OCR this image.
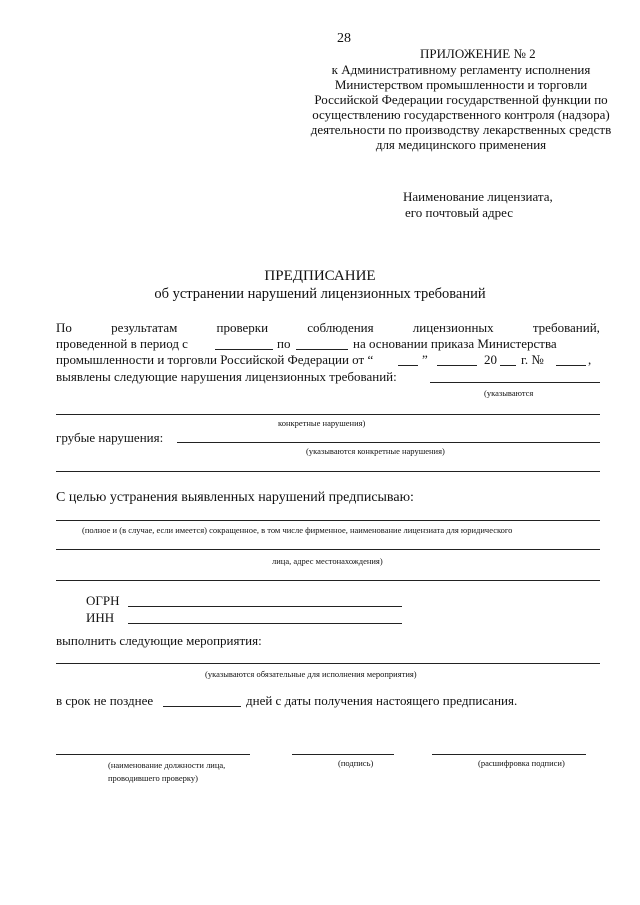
28
ПРИЛОЖЕНИЕ № 2
к Административному регламенту исполнения
Министерством промышленности и торговли
Российской Федерации государственной функции по
осуществлению государственного контроля (надзора)
деятельности по производству лекарственных средств
для медицинского применения
Наименование лицензиата,
его почтовый адрес
ПРЕДПИСАНИЕ
об устранении нарушений лицензионных требований
По	результатам	проверки	соблюдения	лицензионных	требований,
проведенной в период с	по	на основании приказа Министерства
промышленности и торговли Российской Федерации от “	”	20 г. №	,
выявлены следующие нарушения лицензионных требований:
(указываются
конкретные нарушения)
грубые нарушения:
(указываются конкретные нарушения)
С целью устранения выявленных нарушений предписываю:
(полное и (в случае, если имеется) сокращенное, в том числе фирменное, наименование лицензиата для юридического
лица, адрес местонахождения)
ОГРН
ИНН
выполнить следующие мероприятия:
(указываются обязательные для исполнения мероприятия)
в срок не позднее	дней с даты получения настоящего предписания.
(наименование должности лица,
проводившего проверку)
(подпись)	(расшифровка подписи)
